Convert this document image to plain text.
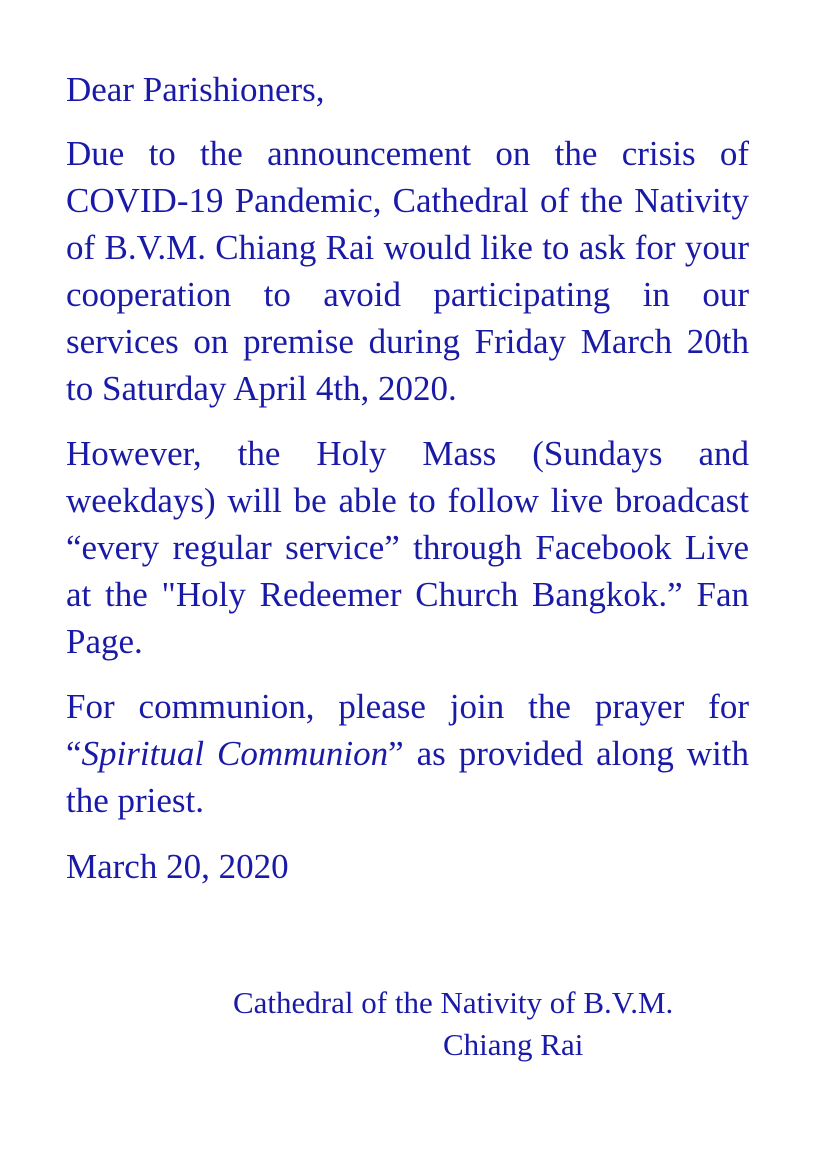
Dear Parishioners,

Due to the announcement on the crisis of COVID-19 Pandemic, Cathedral of the Nativity of B.V.M. Chiang Rai would like to ask for your cooperation to avoid participating in our services on premise during Friday March 20th to Saturday April 4th, 2020.

However, the Holy Mass (Sundays and weekdays) will be able to follow live broadcast “every regular service” through Facebook Live at the "Holy Redeemer Church Bangkok.” Fan Page.

For communion, please join the prayer for “Spiritual Communion” as provided along with the priest.

March 20, 2020

Cathedral of the Nativity of B.V.M.
Chiang Rai
